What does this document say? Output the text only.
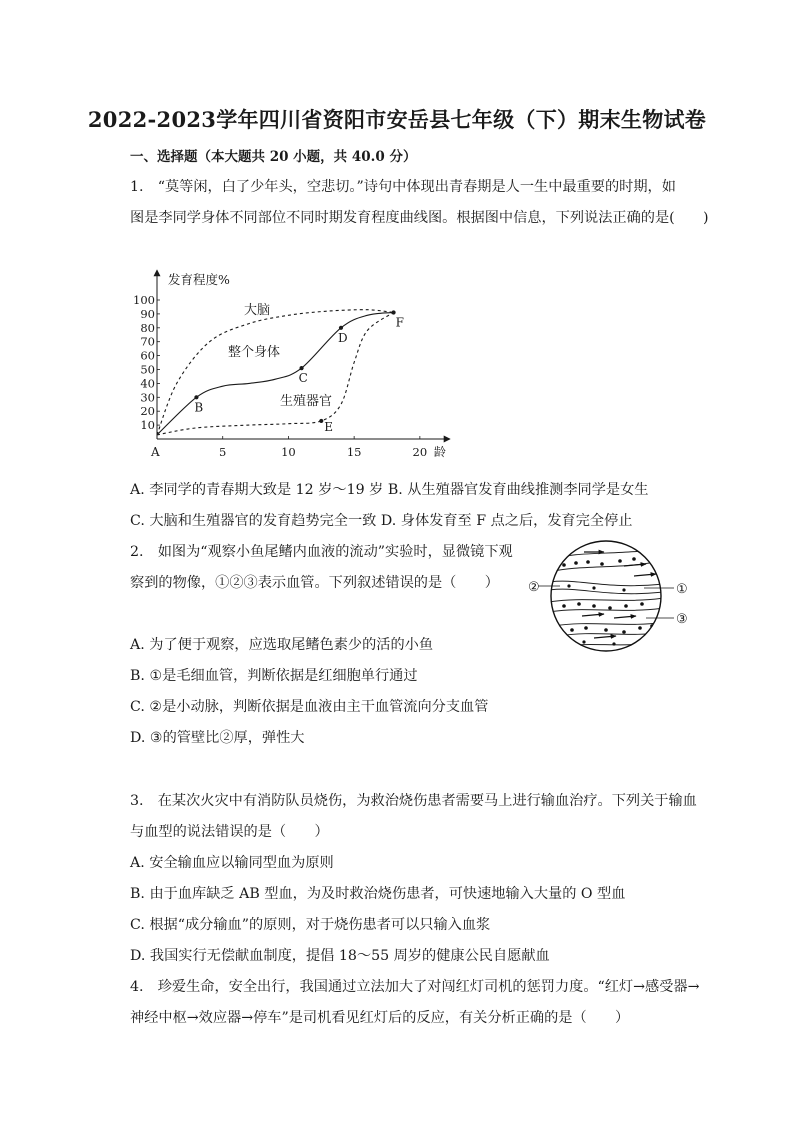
2022-2023学年四川省资阳市安岳县七年级（下）期末生物试卷
一、选择题（本大题共 20 小题，共 40.0 分）
1.　“莫等闲，白了少年头，空悲切。”诗句中体现出青春期是人一生中最重要的时期，如
图是李同学身体不同部位不同时期发育程度曲线图。根据图中信息，下列说法正确的是(　　)
发育程度%
10
20
30
40
50
60
70
80
90
100
5	10	15	20 龄
A
B
C
D
E
F
大脑
整个身体
生殖器官
A. 李同学的青春期大致是 12 岁～19 岁 B. 从生殖器官发育曲线推测李同学是女生
C. 大脑和生殖器官的发育趋势完全一致 D. 身体发育至 F 点之后，发育完全停止
2.　如图为“观察小鱼尾鳍内血液的流动”实验时，显微镜下观
察到的物像，①②③表示血管。下列叙述错误的是（　　） ②	①
③
A. 为了便于观察，应选取尾鳍色素少的活的小鱼
B. ①是毛细血管，判断依据是红细胞单行通过
C. ②是小动脉，判断依据是血液由主干血管流向分支血管
D. ③的管壁比②厚，弹性大
3.　在某次火灾中有消防队员烧伤，为救治烧伤患者需要马上进行输血治疗。下列关于输血
与血型的说法错误的是（　　）
A. 安全输血应以输同型血为原则
B. 由于血库缺乏 AB 型血，为及时救治烧伤患者，可快速地输入大量的 O 型血
C. 根据“成分输血”的原则，对于烧伤患者可以只输入血浆
D. 我国实行无偿献血制度，提倡 18～55 周岁的健康公民自愿献血
4.　珍爱生命，安全出行，我国通过立法加大了对闯红灯司机的惩罚力度。“红灯→感受器→
神经中枢→效应器→停车”是司机看见红灯后的反应，有关分析正确的是（　　）
